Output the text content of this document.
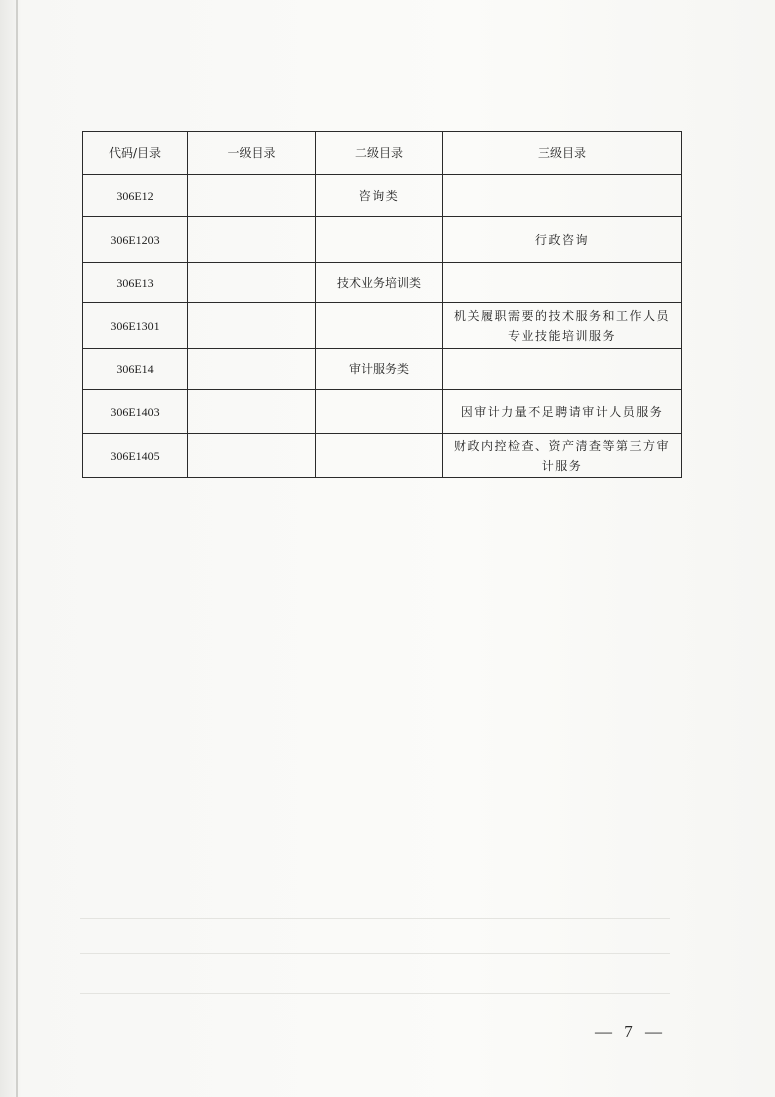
代码/目录	一级目录	二级目录	三级目录
306E12		咨询类	
306E1203			行政咨询
306E13		技术业务培训类	
306E1301			机关履职需要的技术服务和工作人员专业技能培训服务
306E14		审计服务类	
306E1403			因审计力量不足聘请审计人员服务
306E1405			财政内控检查、资产清查等第三方审计服务
— 7 —
